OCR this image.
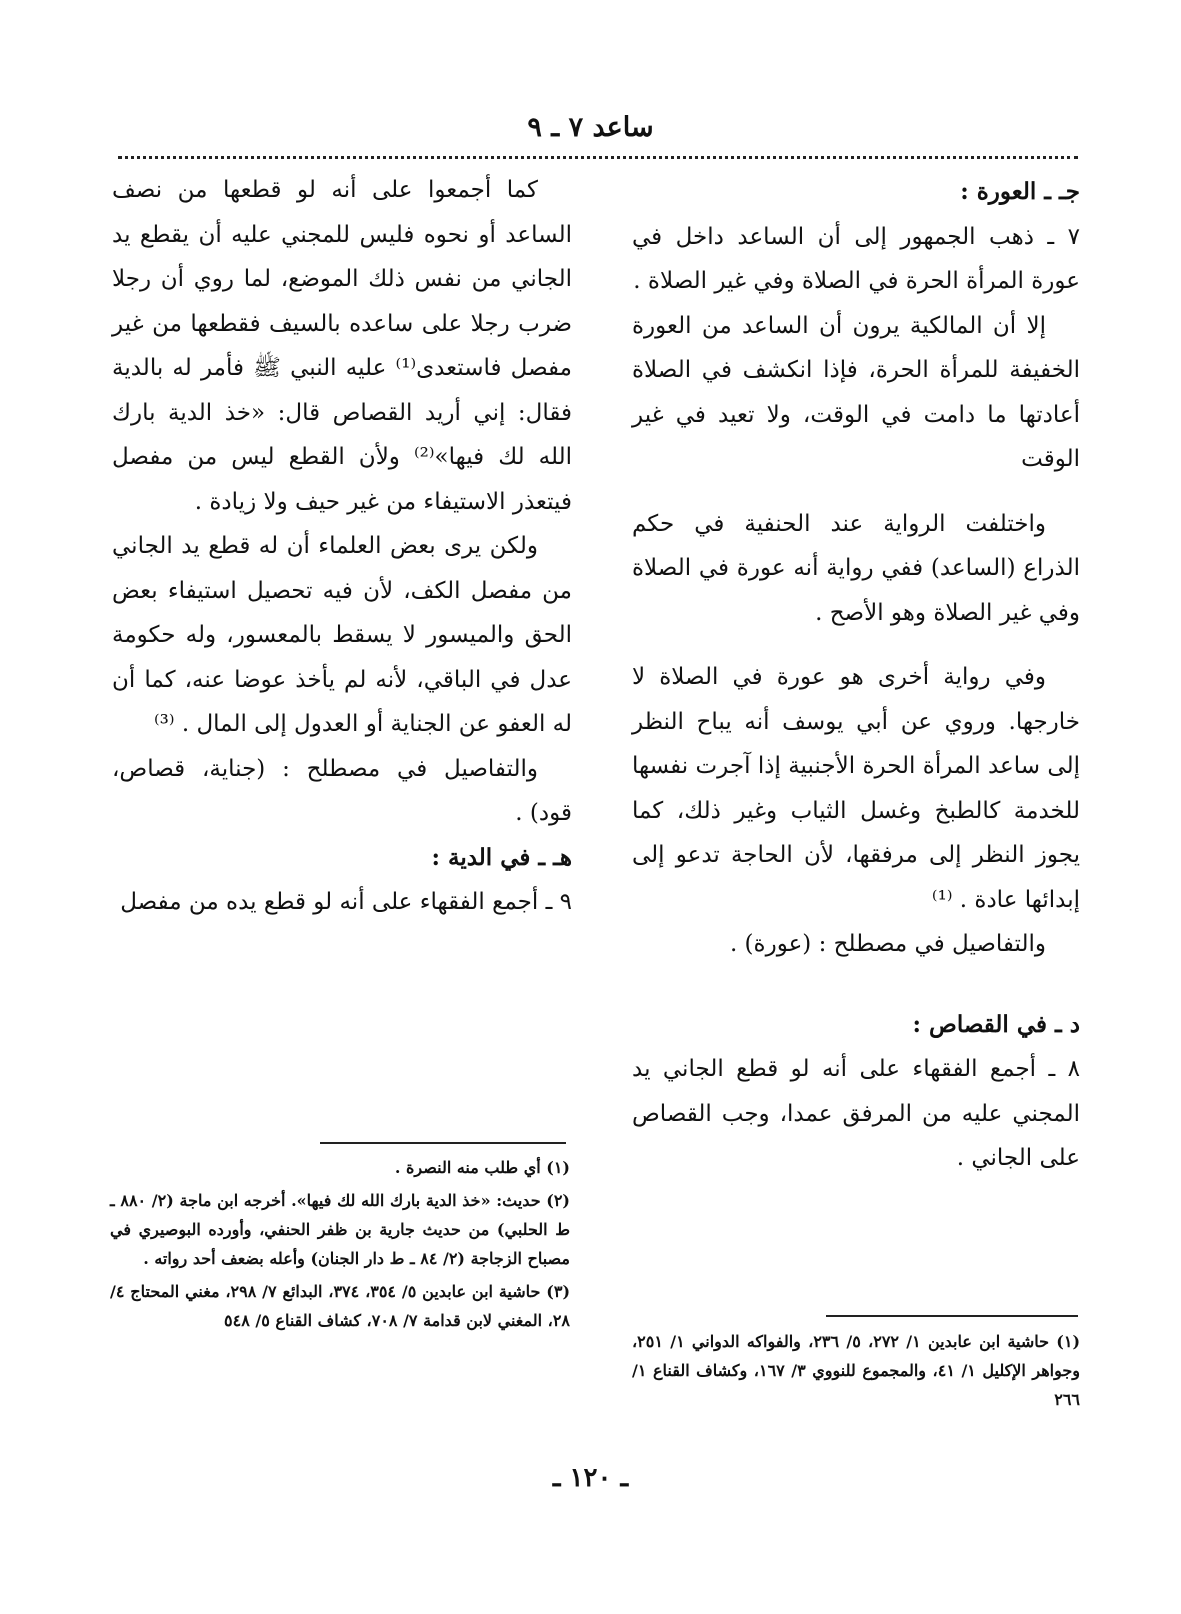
ساعد ٧ ـ ٩

جـ ـ العورة :

٧ ـ ذهب الجمهور إلى أن الساعد داخل في عورة المرأة الحرة في الصلاة وفي غير الصلاة .

إلا أن المالكية يرون أن الساعد من العورة الخفيفة للمرأة الحرة، فإذا انكشف في الصلاة أعادتها ما دامت في الوقت، ولا تعيد في غير الوقت

واختلفت الرواية عند الحنفية في حكم الذراع (الساعد) ففي رواية أنه عورة في الصلاة وفي غير الصلاة وهو الأصح .

وفي رواية أخرى هو عورة في الصلاة لا خارجها. وروي عن أبي يوسف أنه يباح النظر إلى ساعد المرأة الحرة الأجنبية إذا آجرت نفسها للخدمة كالطبخ وغسل الثياب وغير ذلك، كما يجوز النظر إلى مرفقها، لأن الحاجة تدعو إلى إبدائها عادة . ⁽¹⁾

والتفاصيل في مصطلح : (عورة) .

د ـ في القصاص :

٨ ـ أجمع الفقهاء على أنه لو قطع الجاني يد المجني عليه من المرفق عمدا، وجب القصاص على الجاني .

كما أجمعوا على أنه لو قطعها من نصف الساعد أو نحوه فليس للمجني عليه أن يقطع يد الجاني من نفس ذلك الموضع، لما روي أن رجلا ضرب رجلا على ساعده بالسيف فقطعها من غير مفصل فاستعدى⁽¹⁾ عليه النبي ﷺ فأمر له بالدية فقال: إني أريد القصاص قال: «خذ الدية بارك الله لك فيها»⁽²⁾ ولأن القطع ليس من مفصل فيتعذر الاستيفاء من غير حيف ولا زيادة .

ولكن يرى بعض العلماء أن له قطع يد الجاني من مفصل الكف، لأن فيه تحصيل استيفاء بعض الحق والميسور لا يسقط بالمعسور، وله حكومة عدل في الباقي، لأنه لم يأخذ عوضا عنه، كما أن له العفو عن الجناية أو العدول إلى المال . ⁽³⁾

والتفاصيل في مصطلح : (جناية، قصاص، قود) .

هـ ـ في الدية :

٩ ـ أجمع الفقهاء على أنه لو قطع يده من مفصل

(١) أي طلب منه النصرة .

(٢) حديث: «خذ الدية بارك الله لك فيها». أخرجه ابن ماجة (٢/ ٨٨٠ ـ ط الحلبي) من حديث جارية بن ظفر الحنفي، وأورده البوصيري في مصباح الزجاجة (٢/ ٨٤ ـ ط دار الجنان) وأعله بضعف أحد رواته .

(٣) حاشية ابن عابدين ٥/ ٣٥٤، ٣٧٤، البدائع ٧/ ٢٩٨، مغني المحتاج ٤/ ٢٨، المغني لابن قدامة ٧/ ٧٠٨، كشاف القناع ٥/ ٥٤٨

(١) حاشية ابن عابدين ١/ ٢٧٢، ٥/ ٢٣٦، والفواكه الدواني ١/ ٢٥١، وجواهر الإكليل ١/ ٤١، والمجموع للنووي ٣/ ١٦٧، وكشاف القناع ١/ ٢٦٦

ـ ١٢٠ ـ
